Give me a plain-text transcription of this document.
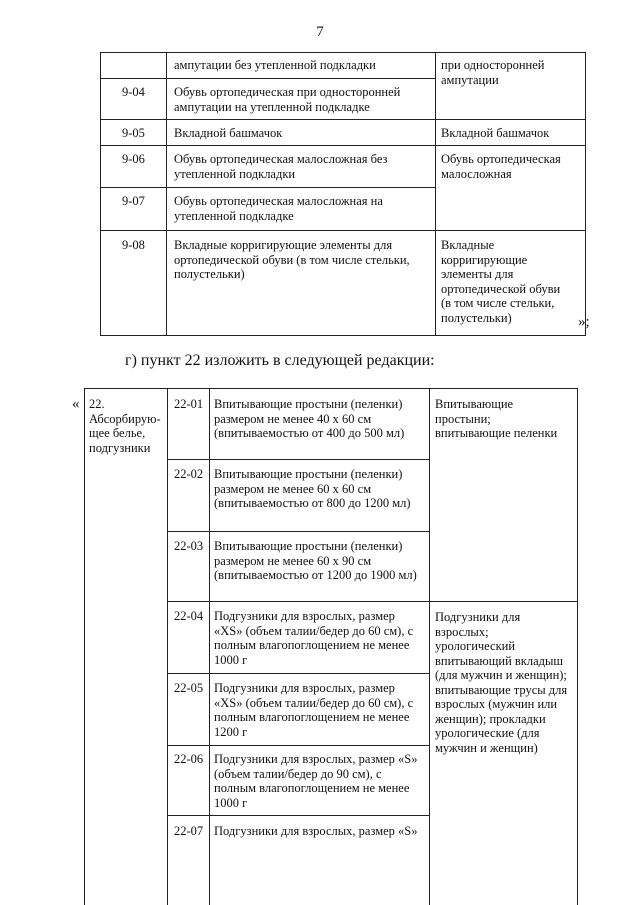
7
ампутации без утепленной подкладки
9-04 Обувь ортопедическая при односторонней
ампутации на утепленной подкладке
9-05 Вкладной башмачок
9-06 Обувь ортопедическая малосложная без
утепленной подкладки
9-07 Обувь ортопедическая малосложная на
утепленной подкладке
9-08 Вкладные корригирующие элементы для
ортопедической обуви (в том числе стельки,
полустельки)
при односторонней
ампутации
Вкладной башмачок
Обувь ортопедическая
малосложная
Вкладные
корригирующие
элементы для
ортопедической обуви
(в том числе стельки,
полустельки)	»;
г) пункт 22 изложить в следующей редакции:
« 22.
Абсорбирую-
щее белье,
подгузники
22-01 Впитывающие простыни (пеленки)
размером не менее 40 х 60 см
(впитываемостью от 400 до 500 мл)
22-02 Впитывающие простыни (пеленки)
размером не менее 60 х 60 см
(впитываемостью от 800 до 1200 мл)
22-03 Впитывающие простыни (пеленки)
размером не менее 60 х 90 см
(впитываемостью от 1200 до 1900 мл)
22-04 Подгузники для взрослых, размер
«XS» (объем талии/бедер до 60 см), с
полным влагопоглощением не менее
1000 г
22-05 Подгузники для взрослых, размер
«XS» (объем талии/бедер до 60 см), с
полным влагопоглощением не менее
1200 г
22-06 Подгузники для взрослых, размер «S»
(объем талии/бедер до 90 см), с
полным влагопоглощением не менее
1000 г
22-07 Подгузники для взрослых, размер «S»
Впитывающие
простыни;
впитывающие пеленки
Подгузники для
взрослых;
урологический
впитывающий вкладыш
(для мужчин и женщин);
впитывающие трусы для
взрослых (мужчин или
женщин); прокладки
урологические (для
мужчин и женщин)
